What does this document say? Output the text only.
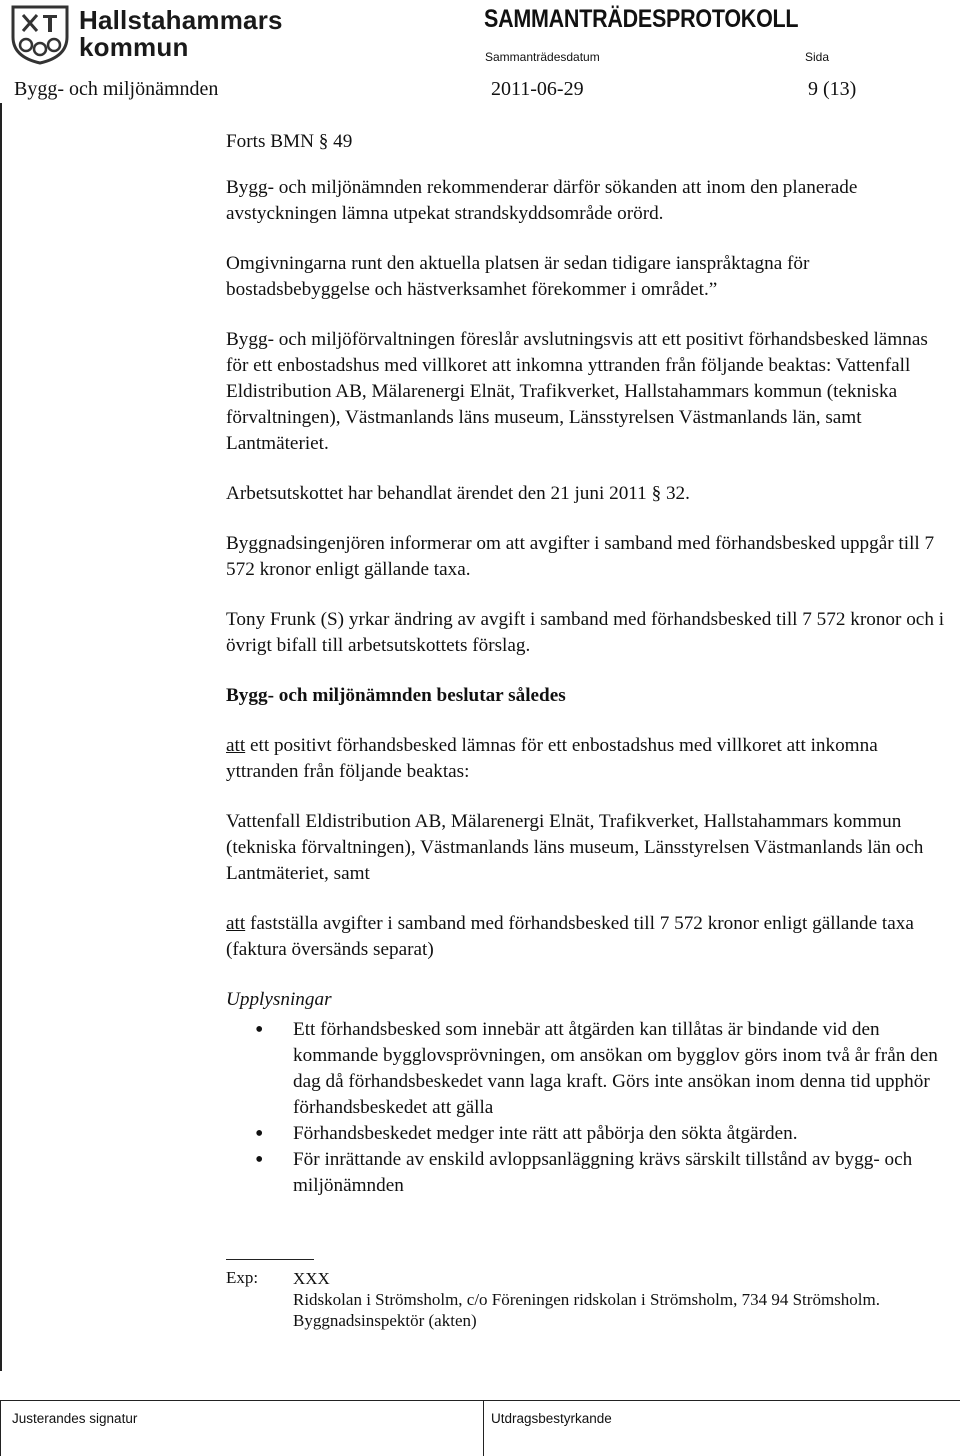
Hallstahammars
kommun
SAMMANTRÄDESPROTOKOLL
Sammanträdesdatum	Sida
Bygg- och miljönämnden	2011-06-29	9 (13)

Forts BMN § 49

Bygg- och miljönämnden rekommenderar därför sökanden att inom den planerade avstyckningen lämna utpekat strandskyddsområde orörd.

Omgivningarna runt den aktuella platsen är sedan tidigare ianspråktagna för bostadsbebyggelse och hästverksamhet förekommer i området.”

Bygg- och miljöförvaltningen föreslår avslutningsvis att ett positivt förhandsbesked lämnas för ett enbostadshus med villkoret att inkomna yttranden från följande beaktas: Vattenfall Eldistribution AB, Mälarenergi Elnät, Trafikverket, Hallstahammars kommun (tekniska förvaltningen), Västmanlands läns museum, Länsstyrelsen Västmanlands län, samt Lantmäteriet.

Arbetsutskottet har behandlat ärendet den 21 juni 2011 § 32.

Byggnadsingenjören informerar om att avgifter i samband med förhandsbesked uppgår till 7 572 kronor enligt gällande taxa.

Tony Frunk (S) yrkar ändring av avgift i samband med förhandsbesked till 7 572 kronor och i övrigt bifall till arbetsutskottets förslag.

Bygg- och miljönämnden beslutar således

att ett positivt förhandsbesked lämnas för ett enbostadshus med villkoret att inkomna yttranden från följande beaktas:

Vattenfall Eldistribution AB, Mälarenergi Elnät, Trafikverket, Hallstahammars kommun (tekniska förvaltningen), Västmanlands läns museum, Länsstyrelsen Västmanlands län och Lantmäteriet, samt

att fastställa avgifter i samband med förhandsbesked till 7 572 kronor enligt gällande taxa (faktura översänds separat)

Upplysningar

• Ett förhandsbesked som innebär att åtgärden kan tillåtas är bindande vid den kommande bygglovsprövningen, om ansökan om bygglov görs inom två år från den dag då förhandsbeskedet vann laga kraft. Görs inte ansökan inom denna tid upphör förhandsbeskedet att gälla
• Förhandsbeskedet medger inte rätt att påbörja den sökta åtgärden.
• För inrättande av enskild avloppsanläggning krävs särskilt tillstånd av bygg- och miljönämnden
Exp: XXX
Ridskolan i Strömsholm, c/o Föreningen ridskolan i Strömsholm, 734 94 Strömsholm.
Byggnadsinspektör (akten)
Justerandes signatur	Utdragsbestyrkande
